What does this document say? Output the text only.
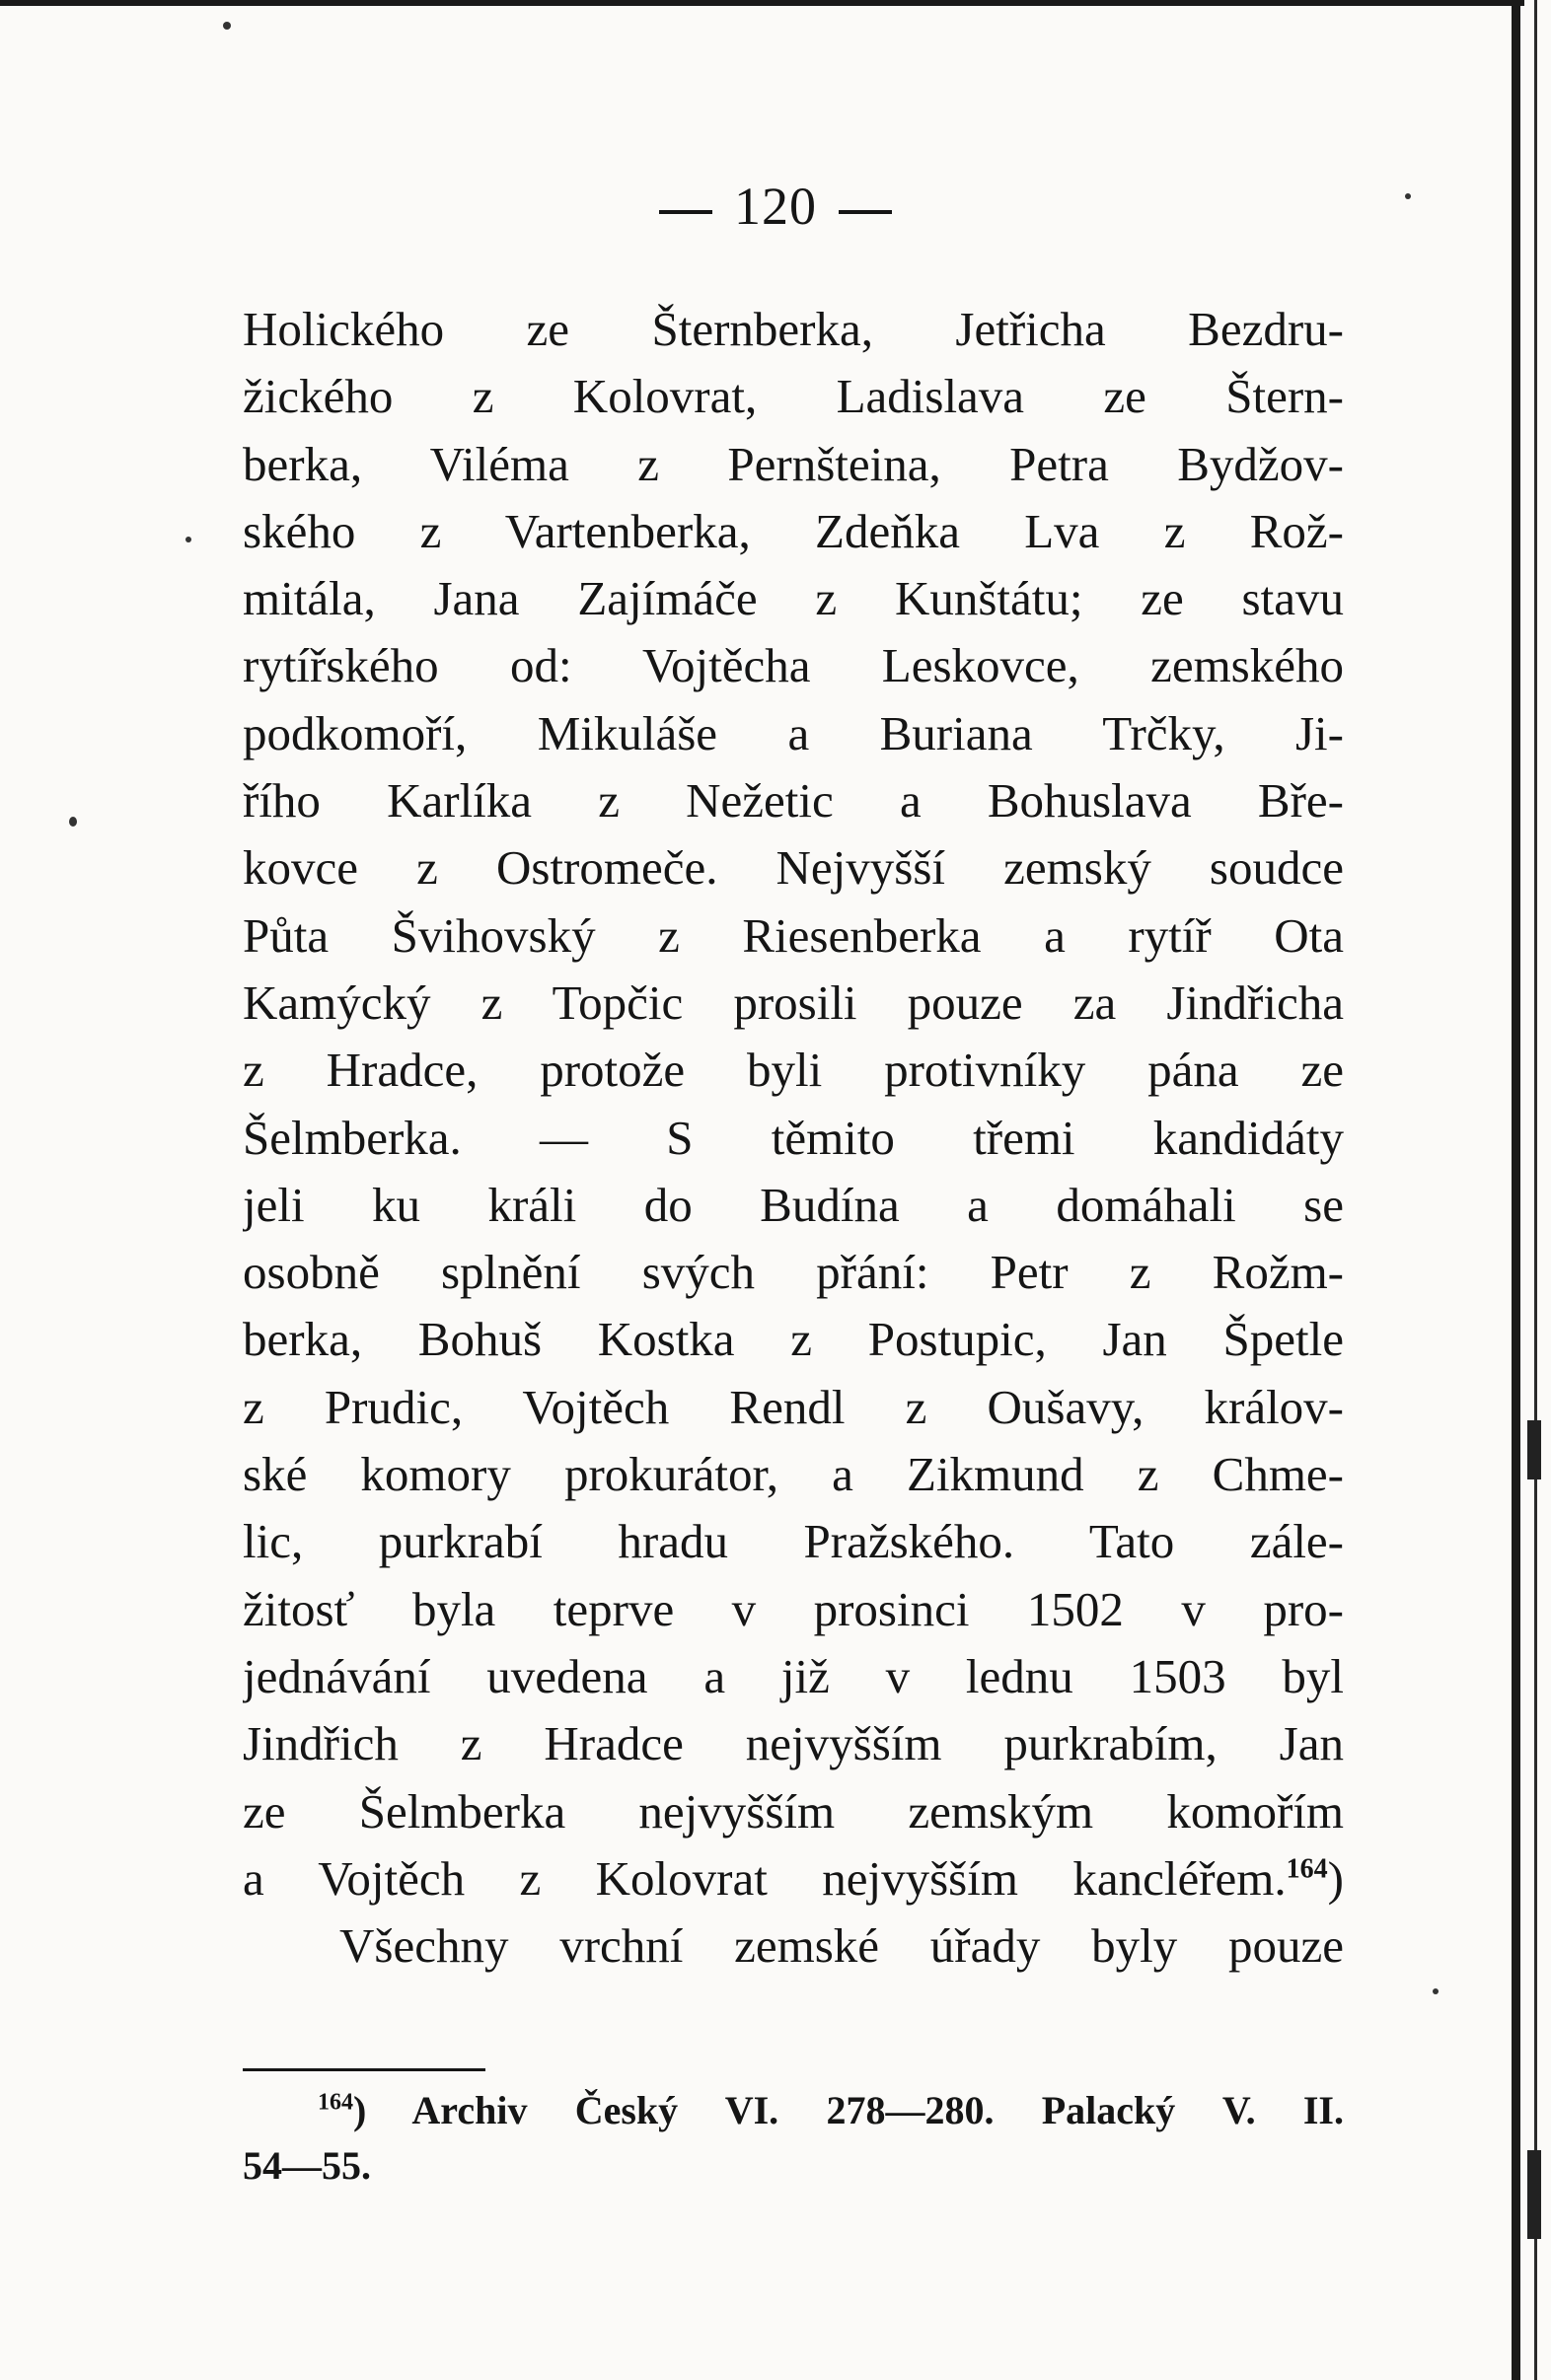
120
Holického ze Šternberka, Jetřicha Bezdru-
žického z Kolovrat, Ladislava ze Štern-
berka, Viléma z Pernšteina, Petra Bydžov-
ského z Vartenberka, Zdeňka Lva z Rož-
mitála, Jana Zajímáče z Kunštátu; ze stavu
rytířského od: Vojtěcha Leskovce, zemského
podkomoří, Mikuláše a Buriana Trčky, Ji-
řího Karlíka z Nežetic a Bohuslava Bře-
kovce z Ostromeče. Nejvyšší zemský soudce
Půta Švihovský z Riesenberka a rytíř Ota
Kamýcký z Topčic prosili pouze za Jindřicha
z Hradce, protože byli protivníky pána ze
Šelmberka. — S těmito třemi kandidáty
jeli ku králi do Budína a domáhali se
osobně splnění svých přání: Petr z Rožm-
berka, Bohuš Kostka z Postupic, Jan Špetle
z Prudic, Vojtěch Rendl z Oušavy, králov-
ské komory prokurátor, a Zikmund z Chme-
lic, purkrabí hradu Pražského. Tato zále-
žitosť byla teprve v prosinci 1502 v pro-
jednávání uvedena a již v lednu 1503 byl
Jindřich z Hradce nejvyšším purkrabím, Jan
ze Šelmberka nejvyšším zemským komořím
a Vojtěch z Kolovrat nejvyšším kancléřem.$^{164}$)
Všechny vrchní zemské úřady byly pouze
$^{164}$) Archiv Český VI. 278—280. Palacký V. II.
54—55.
